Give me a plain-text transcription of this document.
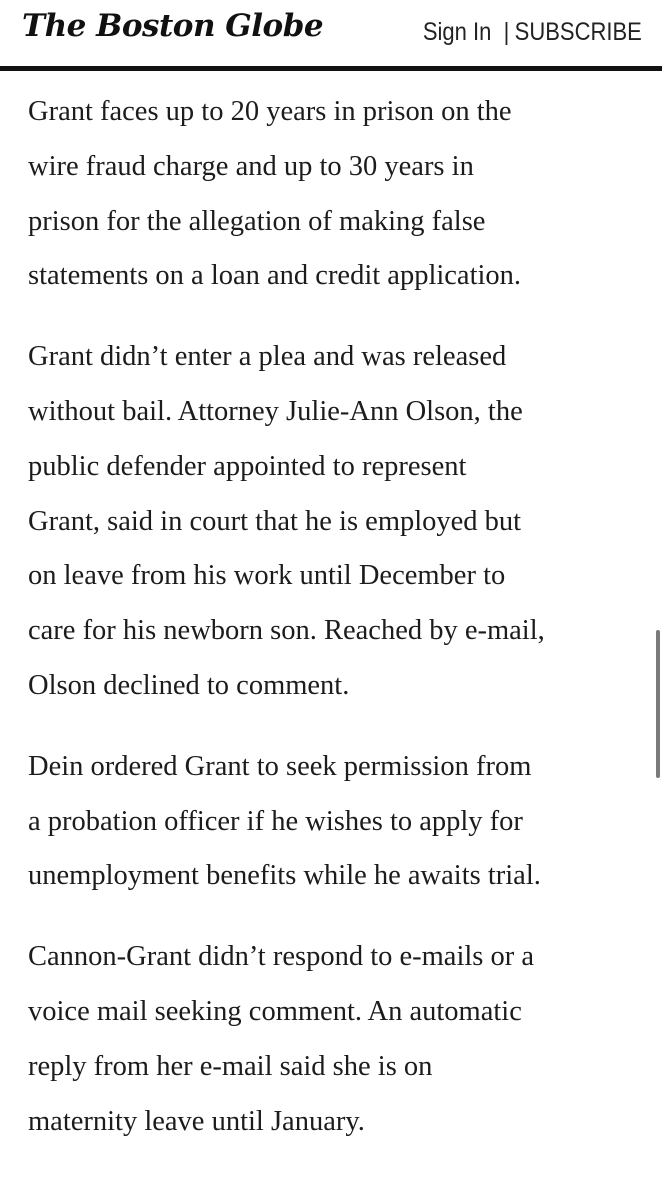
The Boston Globe	Sign In | SUBSCRIBE

Grant faces up to 20 years in prison on the
wire fraud charge and up to 30 years in
prison for the allegation of making false
statements on a loan and credit application.

Grant didn’t enter a plea and was released
without bail. Attorney Julie-Ann Olson, the
public defender appointed to represent
Grant, said in court that he is employed but
on leave from his work until December to
care for his newborn son. Reached by e-mail,
Olson declined to comment.

Dein ordered Grant to seek permission from
a probation officer if he wishes to apply for
unemployment benefits while he awaits trial.

Cannon-Grant didn’t respond to e-mails or a
voice mail seeking comment. An automatic
reply from her e-mail said she is on
maternity leave until January.
